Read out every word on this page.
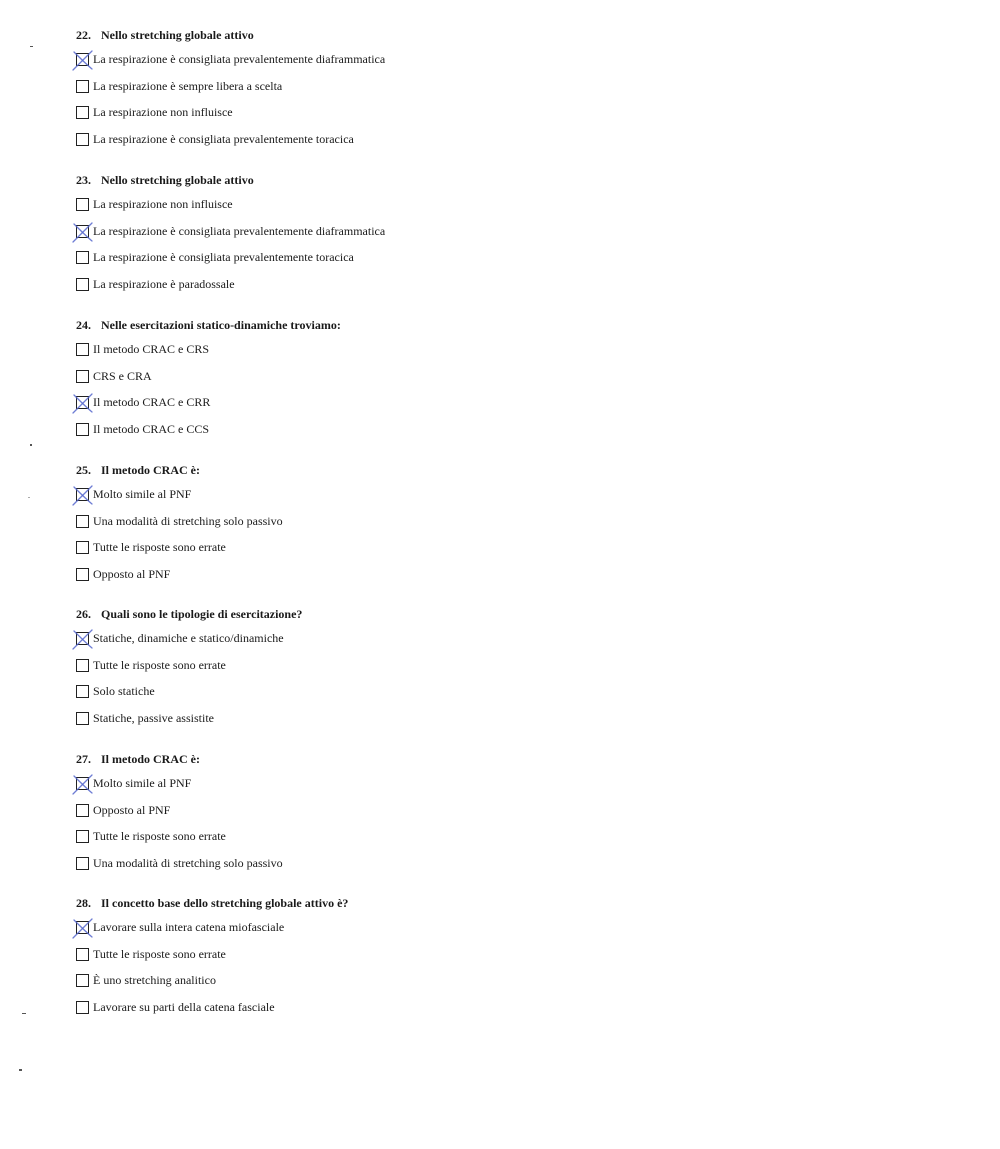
22. Nello stretching globale attivo
La respirazione è consigliata prevalentemente diaframmatica
La respirazione è sempre libera a scelta
La respirazione non influisce
La respirazione è consigliata prevalentemente toracica
23. Nello stretching globale attivo
La respirazione non influisce
La respirazione è consigliata prevalentemente diaframmatica
La respirazione è consigliata prevalentemente toracica
La respirazione è paradossale
24. Nelle esercitazioni statico-dinamiche troviamo:
Il metodo CRAC e CRS
CRS e CRA
Il metodo CRAC e CRR
Il metodo CRAC e CCS
25. Il metodo CRAC è:
Molto simile al PNF
Una modalità di stretching solo passivo
Tutte le risposte sono errate
Opposto al PNF
26. Quali sono le tipologie di esercitazione?
Statiche, dinamiche e statico/dinamiche
Tutte le risposte sono errate
Solo statiche
Statiche, passive assistite
27. Il metodo CRAC è:
Molto simile al PNF
Opposto al PNF
Tutte le risposte sono errate
Una modalità di stretching solo passivo
28. Il concetto base dello stretching globale attivo è?
Lavorare sulla intera catena miofasciale
Tutte le risposte sono errate
È uno stretching analitico
Lavorare su parti della catena fasciale
